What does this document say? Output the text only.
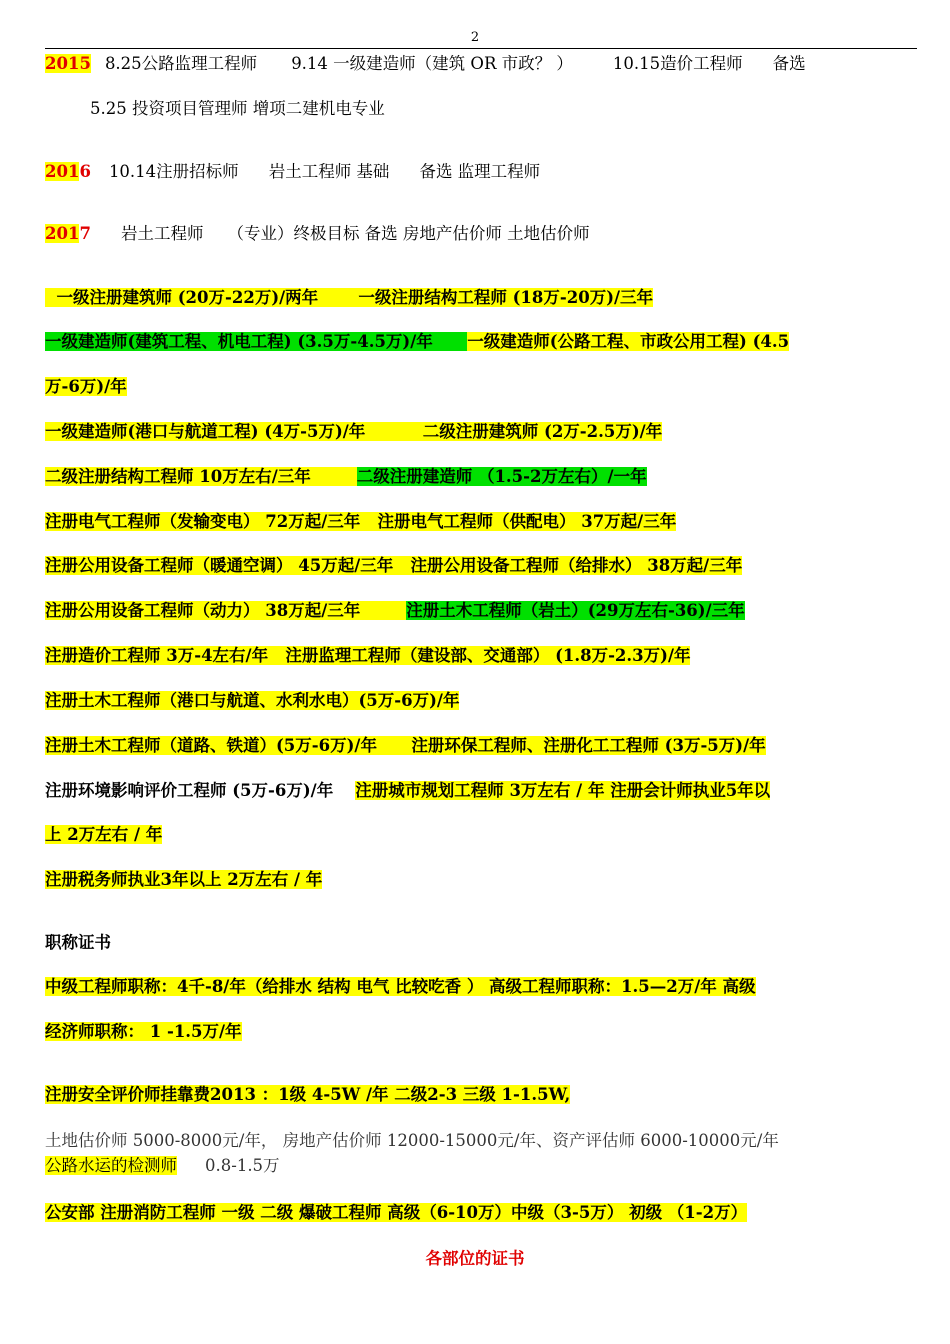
2
2015 8.25公路监理工程师 9.14 一级建造师（建筑 OR 市政？ ） 10.15造价工程师 备选
5.25 投资项目管理师 增项二建机电专业
2016 10.14注册招标师 岩土工程师 基础 备选 监理工程师
2017 岩土工程师 （专业）终极目标 备选 房地产估价师 土地估价师
一级注册建筑师 (20万-22万)/两年 一级注册结构工程师 (18万-20万)/三年
一级建造师(建筑工程、机电工程) (3.5万-4.5万)/年 一级建造师(公路工程、市政公用工程) (4.5
万-6万)/年
一级建造师(港口与航道工程) (4万-5万)/年	二级注册建筑师 (2万-2.5万)/年
二级注册结构工程师 10万左右/三年	二级注册建造师 （1.5-2万左右）/一年
注册电气工程师（发输变电） 72万起/三年 注册电气工程师（供配电） 37万起/三年
注册公用设备工程师（暖通空调） 45万起/三年 注册公用设备工程师（给排水） 38万起/三年
注册公用设备工程师（动力） 38万起/三年	注册土木工程师（岩土）(29万左右-36)/三年
注册造价工程师 3万-4左右/年 注册监理工程师（建设部、交通部） (1.8万-2.3万)/年
注册土木工程师（港口与航道、水利水电）(5万-6万)/年
注册土木工程师（道路、铁道）(5万-6万)/年 注册环保工程师、注册化工工程师 (3万-5万)/年
注册环境影响评价工程师 (5万-6万)/年 注册城市规划工程师 3万左右 / 年 注册会计师执业5年以
上 2万左右 / 年
注册税务师执业3年以上 2万左右 / 年
职称证书
中级工程师职称：4千-8/年（给排水 结构 电气 比较吃香 ） 高级工程师职称：1.5—2万/年 高级
经济师职称： 1 -1.5万/年
注册安全评价师挂靠费2013 ：1级 4-5W /年 二级2-3 三级 1-1.5W,
土地估价师 5000-8000元/年， 房地产估价师 12000-15000元/年、资产评估师 6000-10000元/年
公路水运的检测师 0.8-1.5万
公安部 注册消防工程师 一级 二级 爆破工程师 高级（6-10万）中级（3-5万） 初级 （1-2万）
各部位的证书
